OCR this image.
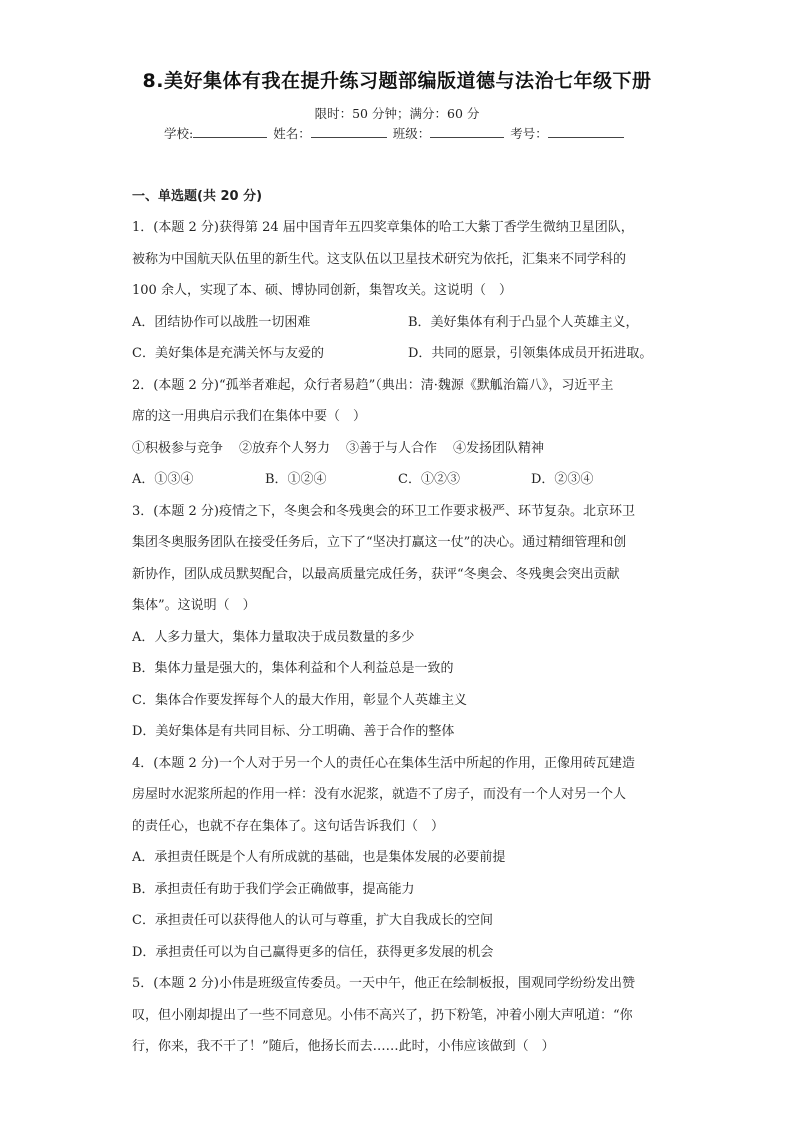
8.美好集体有我在提升练习题部编版道德与法治七年级下册
限时：50 分钟；满分：60 分
学校:	姓名：	班级：	考号：
一、单选题(共 20 分)
1．(本题 2 分)获得第 24 届中国青年五四奖章集体的哈工大紫丁香学生微纳卫星团队，
被称为中国航天队伍里的新生代。这支队伍以卫星技术研究为依托，汇集来不同学科的
100 余人，实现了本、硕、博协同创新，集智攻关。这说明（　）
A．团结协作可以战胜一切困难	B．美好集体有利于凸显个人英雄主义，
C．美好集体是充满关怀与友爱的	D．共同的愿景，引领集体成员开拓进取。
2．(本题 2 分)“孤举者难起，众行者易趋”（典出：清·魏源《默觚治篇八》，习近平主
席的这一用典启示我们在集体中要（　）
①积极参与竞争 ②放弃个人努力 ③善于与人合作 ④发扬团队精神
A．①③④	B．①②④	C．①②③	D．②③④
3．(本题 2 分)疫情之下，冬奥会和冬残奥会的环卫工作要求极严、环节复杂。北京环卫
集团冬奥服务团队在接受任务后，立下了“坚决打赢这一仗”的决心。通过精细管理和创
新协作，团队成员默契配合，以最高质量完成任务，获评“冬奥会、冬残奥会突出贡献
集体”。这说明（　）
A．人多力量大，集体力量取决于成员数量的多少
B．集体力量是强大的，集体利益和个人利益总是一致的
C．集体合作要发挥每个人的最大作用，彰显个人英雄主义
D．美好集体是有共同目标、分工明确、善于合作的整体
4．(本题 2 分)一个人对于另一个人的责任心在集体生活中所起的作用，正像用砖瓦建造
房屋时水泥浆所起的作用一样：没有水泥浆，就造不了房子，而没有一个人对另一个人
的责任心，也就不存在集体了。这句话告诉我们（　）
A．承担责任既是个人有所成就的基础，也是集体发展的必要前提
B．承担责任有助于我们学会正确做事，提高能力
C．承担责任可以获得他人的认可与尊重，扩大自我成长的空间
D．承担责任可以为自己赢得更多的信任，获得更多发展的机会
5．(本题 2 分)小伟是班级宣传委员。一天中午，他正在绘制板报，围观同学纷纷发出赞
叹，但小刚却提出了一些不同意见。小伟不高兴了，扔下粉笔，冲着小刚大声吼道：“你
行，你来，我不干了！”随后，他扬长而去……此时，小伟应该做到（　）
